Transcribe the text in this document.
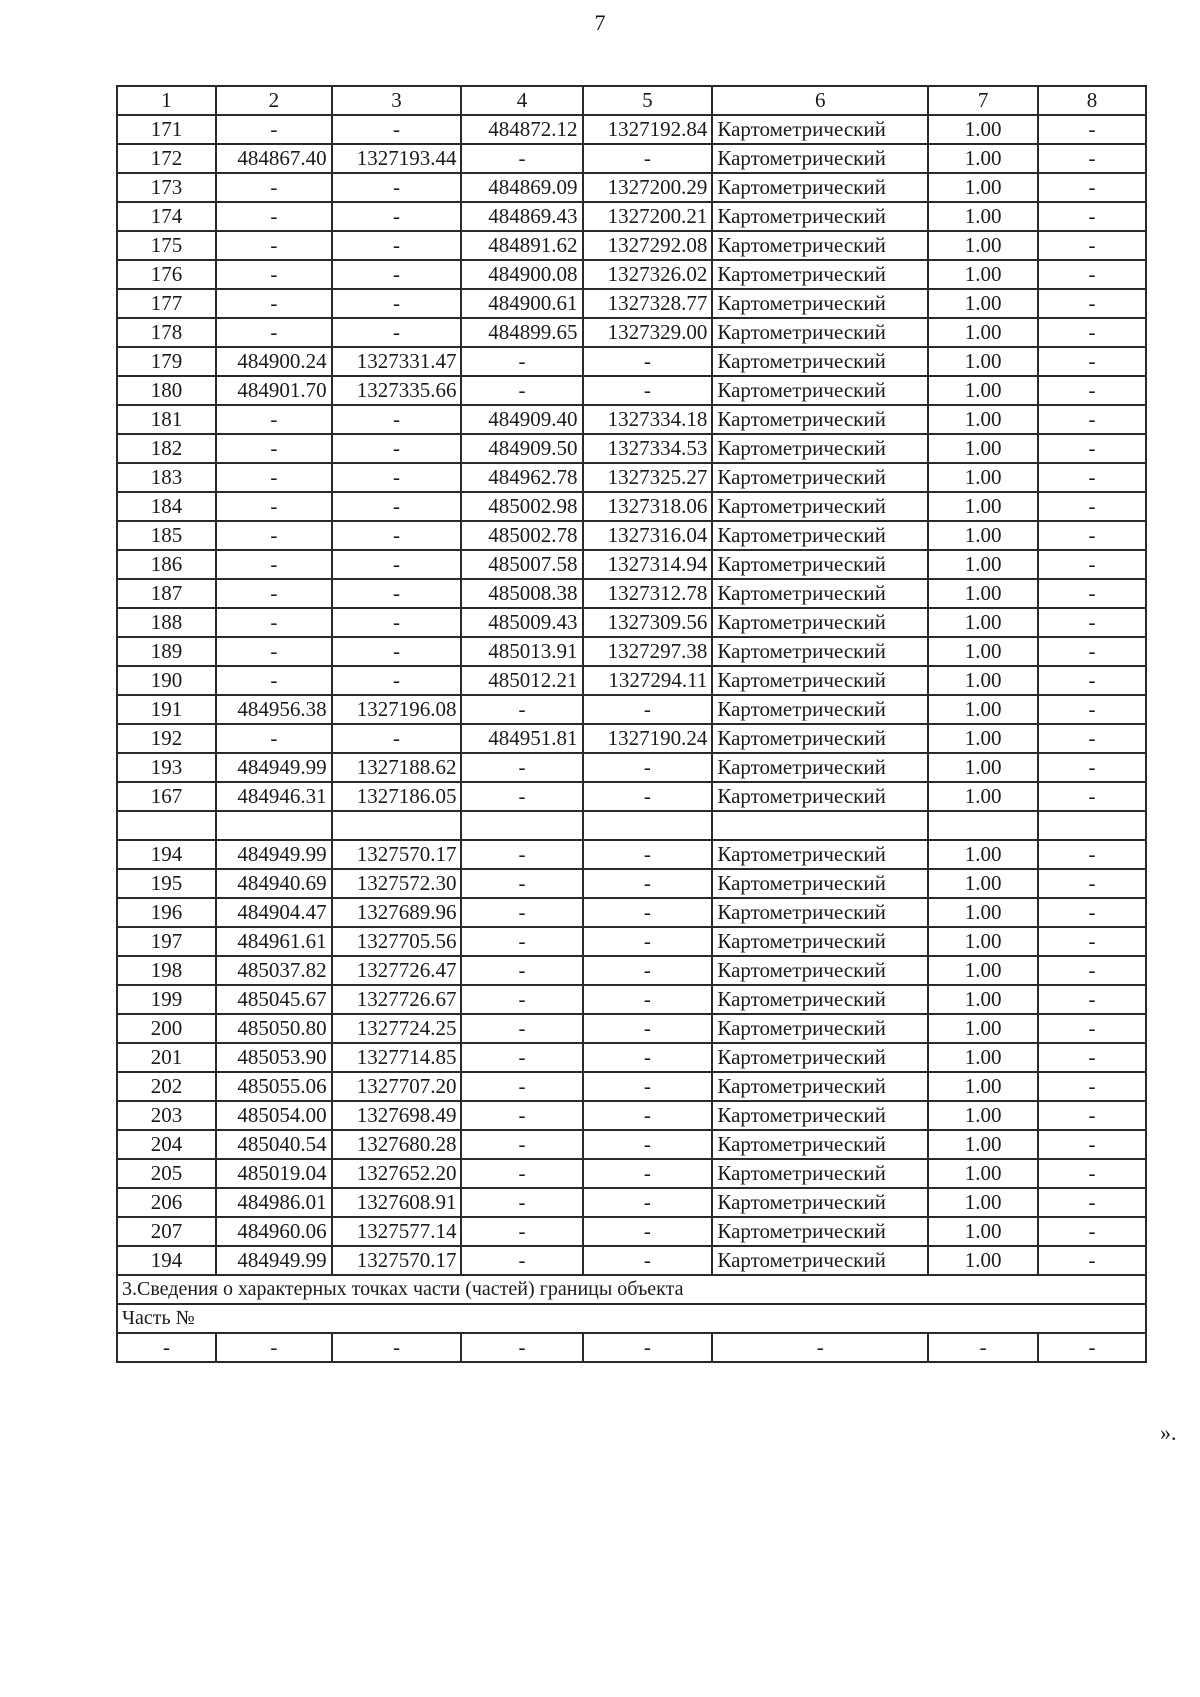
7
1	2	3	4	5	6	7	8
171	-	-	484872.12	1327192.84	Картометрический	1.00	-
172	484867.40	1327193.44	-	-	Картометрический	1.00	-
173	-	-	484869.09	1327200.29	Картометрический	1.00	-
174	-	-	484869.43	1327200.21	Картометрический	1.00	-
175	-	-	484891.62	1327292.08	Картометрический	1.00	-
176	-	-	484900.08	1327326.02	Картометрический	1.00	-
177	-	-	484900.61	1327328.77	Картометрический	1.00	-
178	-	-	484899.65	1327329.00	Картометрический	1.00	-
179	484900.24	1327331.47	-	-	Картометрический	1.00	-
180	484901.70	1327335.66	-	-	Картометрический	1.00	-
181	-	-	484909.40	1327334.18	Картометрический	1.00	-
182	-	-	484909.50	1327334.53	Картометрический	1.00	-
183	-	-	484962.78	1327325.27	Картометрический	1.00	-
184	-	-	485002.98	1327318.06	Картометрический	1.00	-
185	-	-	485002.78	1327316.04	Картометрический	1.00	-
186	-	-	485007.58	1327314.94	Картометрический	1.00	-
187	-	-	485008.38	1327312.78	Картометрический	1.00	-
188	-	-	485009.43	1327309.56	Картометрический	1.00	-
189	-	-	485013.91	1327297.38	Картометрический	1.00	-
190	-	-	485012.21	1327294.11	Картометрический	1.00	-
191	484956.38	1327196.08	-	-	Картометрический	1.00	-
192	-	-	484951.81	1327190.24	Картометрический	1.00	-
193	484949.99	1327188.62	-	-	Картометрический	1.00	-
167	484946.31	1327186.05	-	-	Картометрический	1.00	-

194	484949.99	1327570.17	-	-	Картометрический	1.00	-
195	484940.69	1327572.30	-	-	Картометрический	1.00	-
196	484904.47	1327689.96	-	-	Картометрический	1.00	-
197	484961.61	1327705.56	-	-	Картометрический	1.00	-
198	485037.82	1327726.47	-	-	Картометрический	1.00	-
199	485045.67	1327726.67	-	-	Картометрический	1.00	-
200	485050.80	1327724.25	-	-	Картометрический	1.00	-
201	485053.90	1327714.85	-	-	Картометрический	1.00	-
202	485055.06	1327707.20	-	-	Картометрический	1.00	-
203	485054.00	1327698.49	-	-	Картометрический	1.00	-
204	485040.54	1327680.28	-	-	Картометрический	1.00	-
205	485019.04	1327652.20	-	-	Картометрический	1.00	-
206	484986.01	1327608.91	-	-	Картометрический	1.00	-
207	484960.06	1327577.14	-	-	Картометрический	1.00	-
194	484949.99	1327570.17	-	-	Картометрический	1.00	-
3.Сведения о характерных точках части (частей) границы объекта							
Часть №							
-	-	-	-	-	-	-	-
».
